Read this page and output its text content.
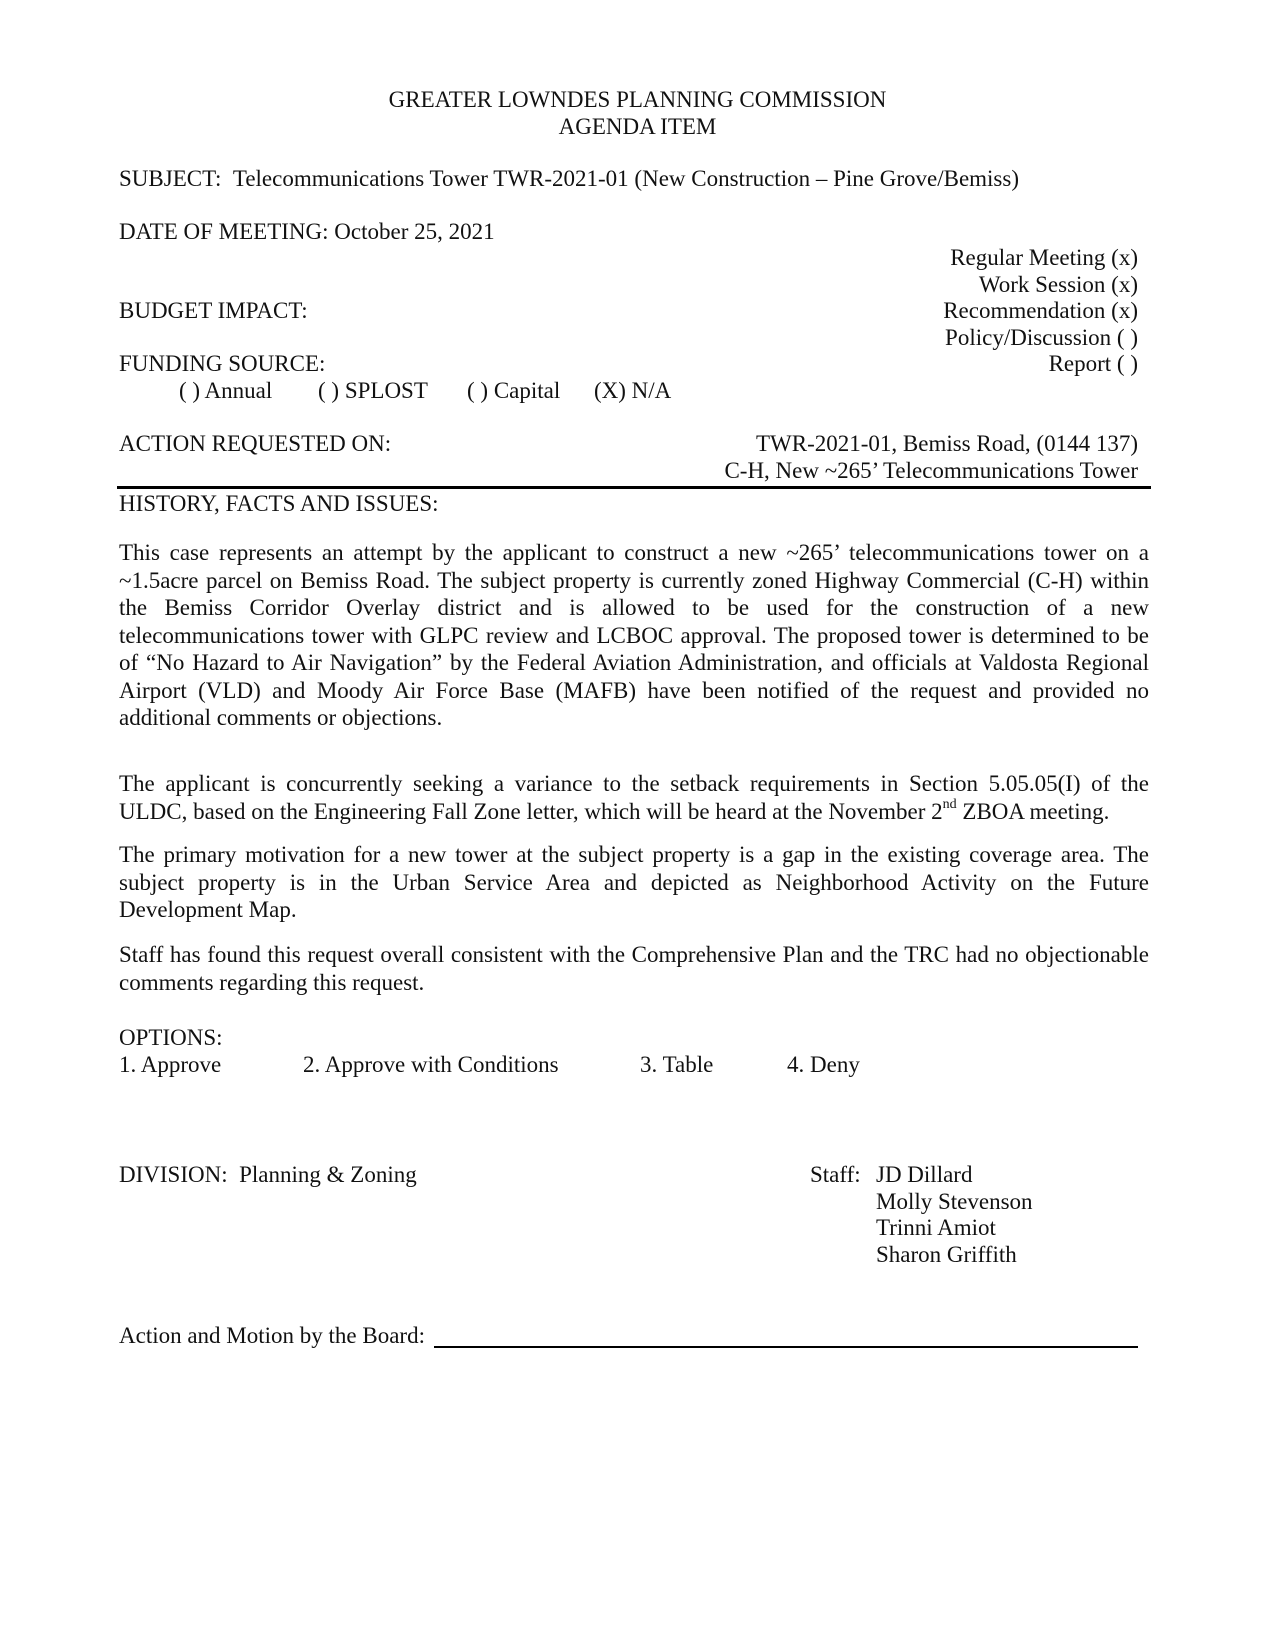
GREATER LOWNDES PLANNING COMMISSION
AGENDA ITEM
SUBJECT: Telecommunications Tower TWR-2021-01 (New Construction – Pine Grove/Bemiss)
DATE OF MEETING: October 25, 2021
Regular Meeting (x)
Work Session (x)
Recommendation (x)
Policy/Discussion ( )
Report ( )
BUDGET IMPACT:
FUNDING SOURCE:
( ) Annual ( ) SPLOST ( ) Capital (X) N/A
ACTION REQUESTED ON:	TWR-2021-01, Bemiss Road, (0144 137)
C-H, New ~265’ Telecommunications Tower
HISTORY, FACTS AND ISSUES:
This case represents an attempt by the applicant to construct a new ~265’ telecommunications tower on a ~1.5acre parcel on Bemiss Road. The subject property is currently zoned Highway Commercial (C-H) within the Bemiss Corridor Overlay district and is allowed to be used for the construction of a new telecommunications tower with GLPC review and LCBOC approval. The proposed tower is determined to be of “No Hazard to Air Navigation” by the Federal Aviation Administration, and officials at Valdosta Regional Airport (VLD) and Moody Air Force Base (MAFB) have been notified of the request and provided no additional comments or objections.
The applicant is concurrently seeking a variance to the setback requirements in Section 5.05.05(I) of the ULDC, based on the Engineering Fall Zone letter, which will be heard at the November 2nd ZBOA meeting.
The primary motivation for a new tower at the subject property is a gap in the existing coverage area. The subject property is in the Urban Service Area and depicted as Neighborhood Activity on the Future Development Map.
Staff has found this request overall consistent with the Comprehensive Plan and the TRC had no objectionable comments regarding this request.
OPTIONS:
1. Approve	2. Approve with Conditions	3. Table	4. Deny
DIVISION: Planning & Zoning	Staff: JD Dillard
Molly Stevenson
Trinni Amiot
Sharon Griffith
Action and Motion by the Board:
